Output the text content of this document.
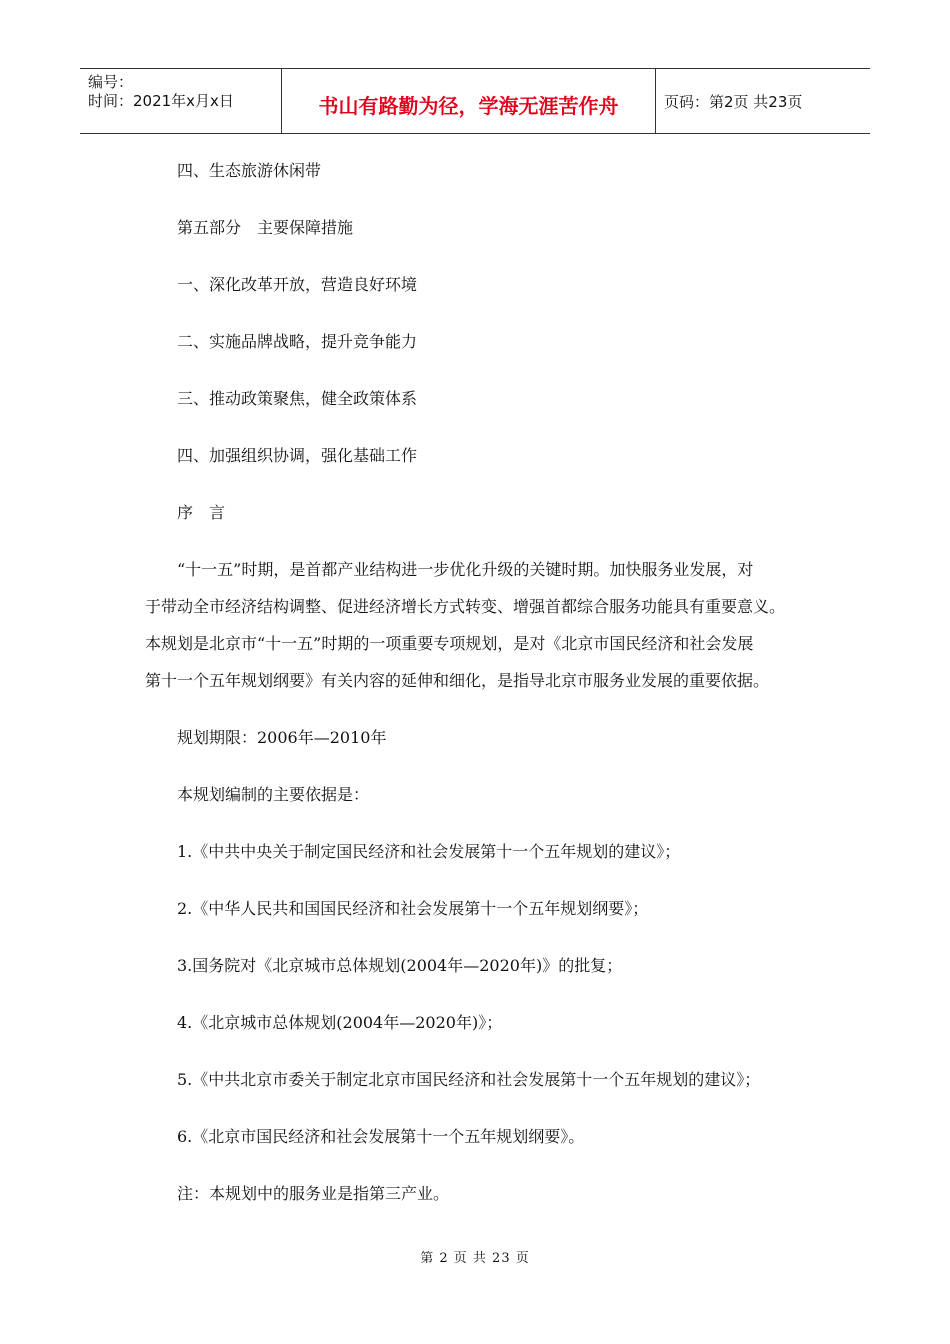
编号：
时间：2021年x月x日	书山有路勤为径，学海无涯苦作舟	页码：第2页 共23页
四、生态旅游休闲带
第五部分　主要保障措施
一、深化改革开放，营造良好环境
二、实施品牌战略，提升竞争能力
三、推动政策聚焦，健全政策体系
四、加强组织协调，强化基础工作
序　言
“十一五”时期，是首都产业结构进一步优化升级的关键时期。加快服务业发展，对
于带动全市经济结构调整、促进经济增长方式转变、增强首都综合服务功能具有重要意义。
本规划是北京市“十一五”时期的一项重要专项规划，是对《北京市国民经济和社会发展
第十一个五年规划纲要》有关内容的延伸和细化，是指导北京市服务业发展的重要依据。
规划期限：2006年—2010年
本规划编制的主要依据是：
1.《中共中央关于制定国民经济和社会发展第十一个五年规划的建议》；
2.《中华人民共和国国民经济和社会发展第十一个五年规划纲要》；
3.国务院对《北京城市总体规划(2004年—2020年)》的批复；
4.《北京城市总体规划(2004年—2020年)》；
5.《中共北京市委关于制定北京市国民经济和社会发展第十一个五年规划的建议》；
6.《北京市国民经济和社会发展第十一个五年规划纲要》。
注：本规划中的服务业是指第三产业。
第 2 页 共 23 页
